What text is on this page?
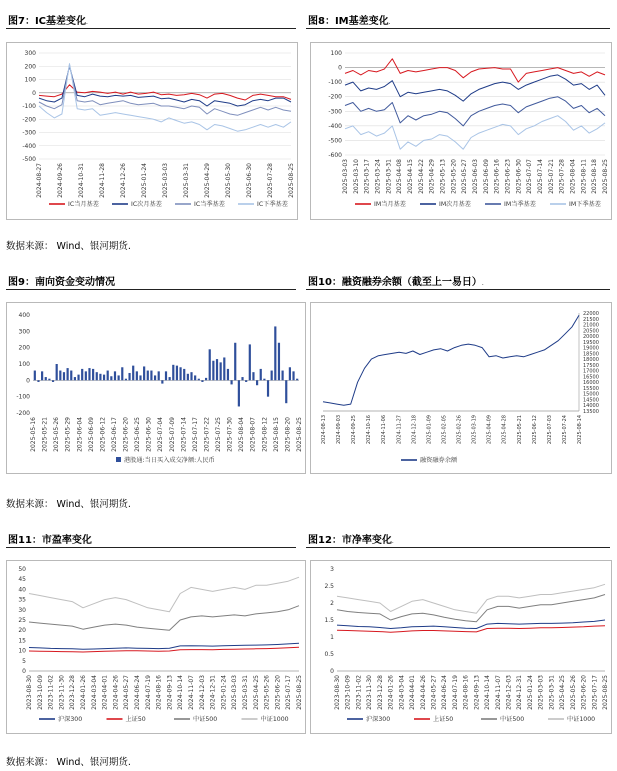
图7：IC基差变化.	图8：IM基差变化.
300
200
100
0
-100
-200
-300
-400
-500
2024-08-27 2024-09-26 2024-10-31 2024-11-28 2024-12-26 2025-01-24 2025-03-03 2025-03-31 2025-04-29 2025-05-30 2025-06-30 2025-07-28 2025-08-25
IC当月基差	IC次月基差	IC当季基差	IC下季基差
100
0
-100
-200
-300
-400
-500
-600
2025-03-03 2025-03-10 2025-03-17 2025-03-24 2025-03-31 2025-04-08 2025-04-15 2025-04-22 2025-04-29 2025-05-13 2025-05-20 2025-05-27 2025-06-03 2025-06-09 2025-06-16 2025-06-23 2025-06-30 2025-07-07 2025-07-14 2025-07-21 2025-07-28 2025-08-04 2025-08-11 2025-08-18 2025-08-25
IM当月基差	IM次月基差	IM当季基差	IM下季基差
数据来源： Wind、银河期货.
图9：南向资金变动情况	图10：融资融券余额（截至上一易日）.
400
300
200
100
0
-100
-200
2025-05-16 2025-05-21 2025-05-26 2025-05-29 2025-06-04 2025-06-09 2025-06-12 2025-06-17 2025-06-20 2025-06-25 2025-06-30 2025-07-04 2025-07-09 2025-07-14 2025-07-17 2025-07-22 2025-07-25 2025-07-30 2025-08-04 2025-08-07 2025-08-12 2025-08-15 2025-08-20 2025-08-25
港股通:当日买入成交净额:人民币
22000
21500
21000
20500
20000
19500
19000
18500
18000
17500
17000
16500
16000
15500
15000
14500
14000
13500
2024-08-13 2024-09-03 2024-09-25 2024-10-16 2024-11-06 2024-11-27 2024-12-18 2025-01-09 2025-02-05 2025-02-26 2025-03-19 2025-04-09 2025-04-28 2025-05-21 2025-06-12 2025-07-03 2025-07-24 2025-08-14
融资融券余额
数据来源： Wind、银河期货.
图11：市盈率变化	图12：市净率变化.
50
45
40
35
30
25
20
15
10
5
0
2023-08-30 2023-10-09 2023-11-02 2023-11-30 2023-12-28 2024-01-26 2024-03-04 2024-04-01 2024-04-26 2024-05-27 2024-06-24 2024-07-19 2024-08-16 2024-09-13 2024-10-14 2024-11-07 2024-12-03 2024-12-31 2025-01-24 2025-03-03 2025-03-31 2025-04-25 2025-05-26 2025-06-20 2025-07-17 2025-08-25
沪深300	上证50	中证500	中证1000
3
2.5
2
1.5
1
0.5
0
2023-08-30 2023-10-09 2023-11-02 2023-11-30 2023-12-28 2024-01-26 2024-03-04 2024-04-01 2024-04-26 2024-05-27 2024-06-24 2024-07-19 2024-08-16 2024-09-13 2024-10-14 2024-11-07 2024-12-03 2024-12-31 2025-01-24 2025-03-03 2025-03-31 2025-04-25 2025-05-26 2025-06-20 2025-07-17 2025-08-25
沪深300	上证50	中证500	中证1000
数据来源： Wind、银河期货.
